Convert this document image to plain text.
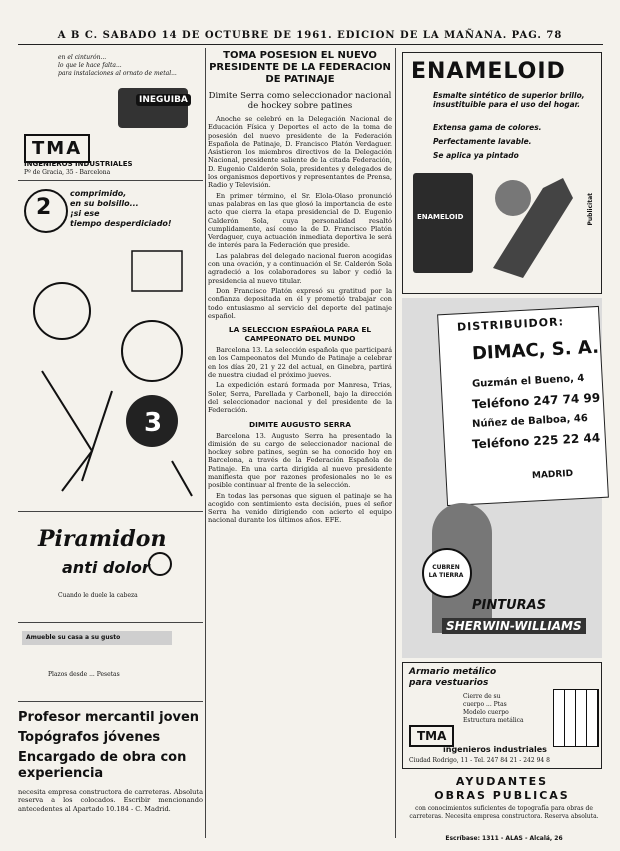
A B C. SABADO 14 DE OCTUBRE DE 1961. EDICION DE LA MAÑANA. PAG. 78
en el cinturón...
lo que le hace falta...
para instalaciones al ornato de metal...
INEGUIBA
TMA
INGENIEROS INDUSTRIALES
Pº de Gracia, 35 - Barcelona
2
comprimido,
en su bolsillo...
¡si ese
tiempo desperdiciado!
3
Piramidon
anti dolor
Cuando le duele la cabeza
Amueble su casa a su gusto
Plazos desde ... Pesetas
Profesor mercantil joven
Topógrafos jóvenes
Encargado de obra con experiencia
necesita empresa constructora de carreteras. Absoluta reserva a los colocados. Escribir mencionando antecedentes al Apartado 10.184 - C. Madrid.
TOMA POSESION EL NUEVO PRESIDENTE DE LA FEDERACION DE PATINAJE
Dimite Serra como seleccionador nacional de hockey sobre patines
Anoche se celebró en la Delegación Nacional de Educación Física y Deportes el acto de la toma de posesión del nuevo presidente de la Federación Española de Patinaje, D. Francisco Platón Verdaguer. Asistieron los miembros directivos de la Delegación Nacional, presidente saliente de la citada Federación, D. Eugenio Calderón Sola, presidentes y delegados de los organismos deportivos y representantes de Prensa, Radio y Televisión.
En primer término, el Sr. Elola-Olaso pronunció unas palabras en las que glosó la importancia de este acto que cierra la etapa presidencial de D. Eugenio Calderón Sola, cuya personalidad resaltó cumplidamente, así como la de D. Francisco Platón Verdaguer, cuya actuación inmediata deportiva le será de interés para la Federación que preside.
Las palabras del delegado nacional fueron acogidas con una ovación, y a continuación el Sr. Calderón Sola agradeció a los colaboradores su labor y cedió la presidencia al nuevo titular.
Don Francisco Platón expresó su gratitud por la confianza depositada en él y prometió trabajar con todo entusiasmo al servicio del deporte del patinaje español.
LA SELECCION ESPAÑOLA PARA EL CAMPEONATO DEL MUNDO
Barcelona 13. La selección española que participará en los Campeonatos del Mundo de Patinaje a celebrar en los días 20, 21 y 22 del actual, en Ginebra, partirá de nuestra ciudad el próximo jueves.
La expedición estará formada por Manresa, Trias, Soler, Serra, Parellada y Carbonell, bajo la dirección del seleccionador nacional y del presidente de la Federación.
DIMITE AUGUSTO SERRA
Barcelona 13. Augusto Serra ha presentado la dimisión de su cargo de seleccionador nacional de hockey sobre patines, según se ha conocido hoy en Barcelona, a través de la Federación Española de Patinaje. En una carta dirigida al nuevo presidente manifiesta que por razones profesionales no le es posible continuar al frente de la selección.
En todas las personas que siguen el patinaje se ha acogido con sentimiento esta decisión, pues el señor Serra ha venido dirigiendo con acierto el equipo nacional durante los últimos años. EFE.
ENAMELOID
Esmalte sintético de superior brillo, insustituible para el uso del hogar.
Extensa gama de colores.
Perfectamente lavable.
Se aplica ya pintado
ENAMELOID	Publicitat
DISTRIBUIDOR:
DIMAC, S. A.
Guzmán el Bueno, 4
Teléfono 247 74 99
Núñez de Balboa, 46
Teléfono 225 22 44
MADRID
CUBREN LA TIERRA
PINTURAS
SHERWIN-WILLIAMS
Armario metálico
para vestuarios
Cierre de su
cuerpo ... Ptas
Modelo cuerpo
Estructura metálica
TMA
ingenieros industriales
Ciudad Rodrigo, 11 - Tel. 247 84 21 - 242 94 8
AYUDANTES
OBRAS PUBLICAS
con conocimientos suficientes de topografía para obras de carreteras. Necesita empresa constructora. Reserva absoluta.
Escríbase: 1311 - ALAS - Alcalá, 26
